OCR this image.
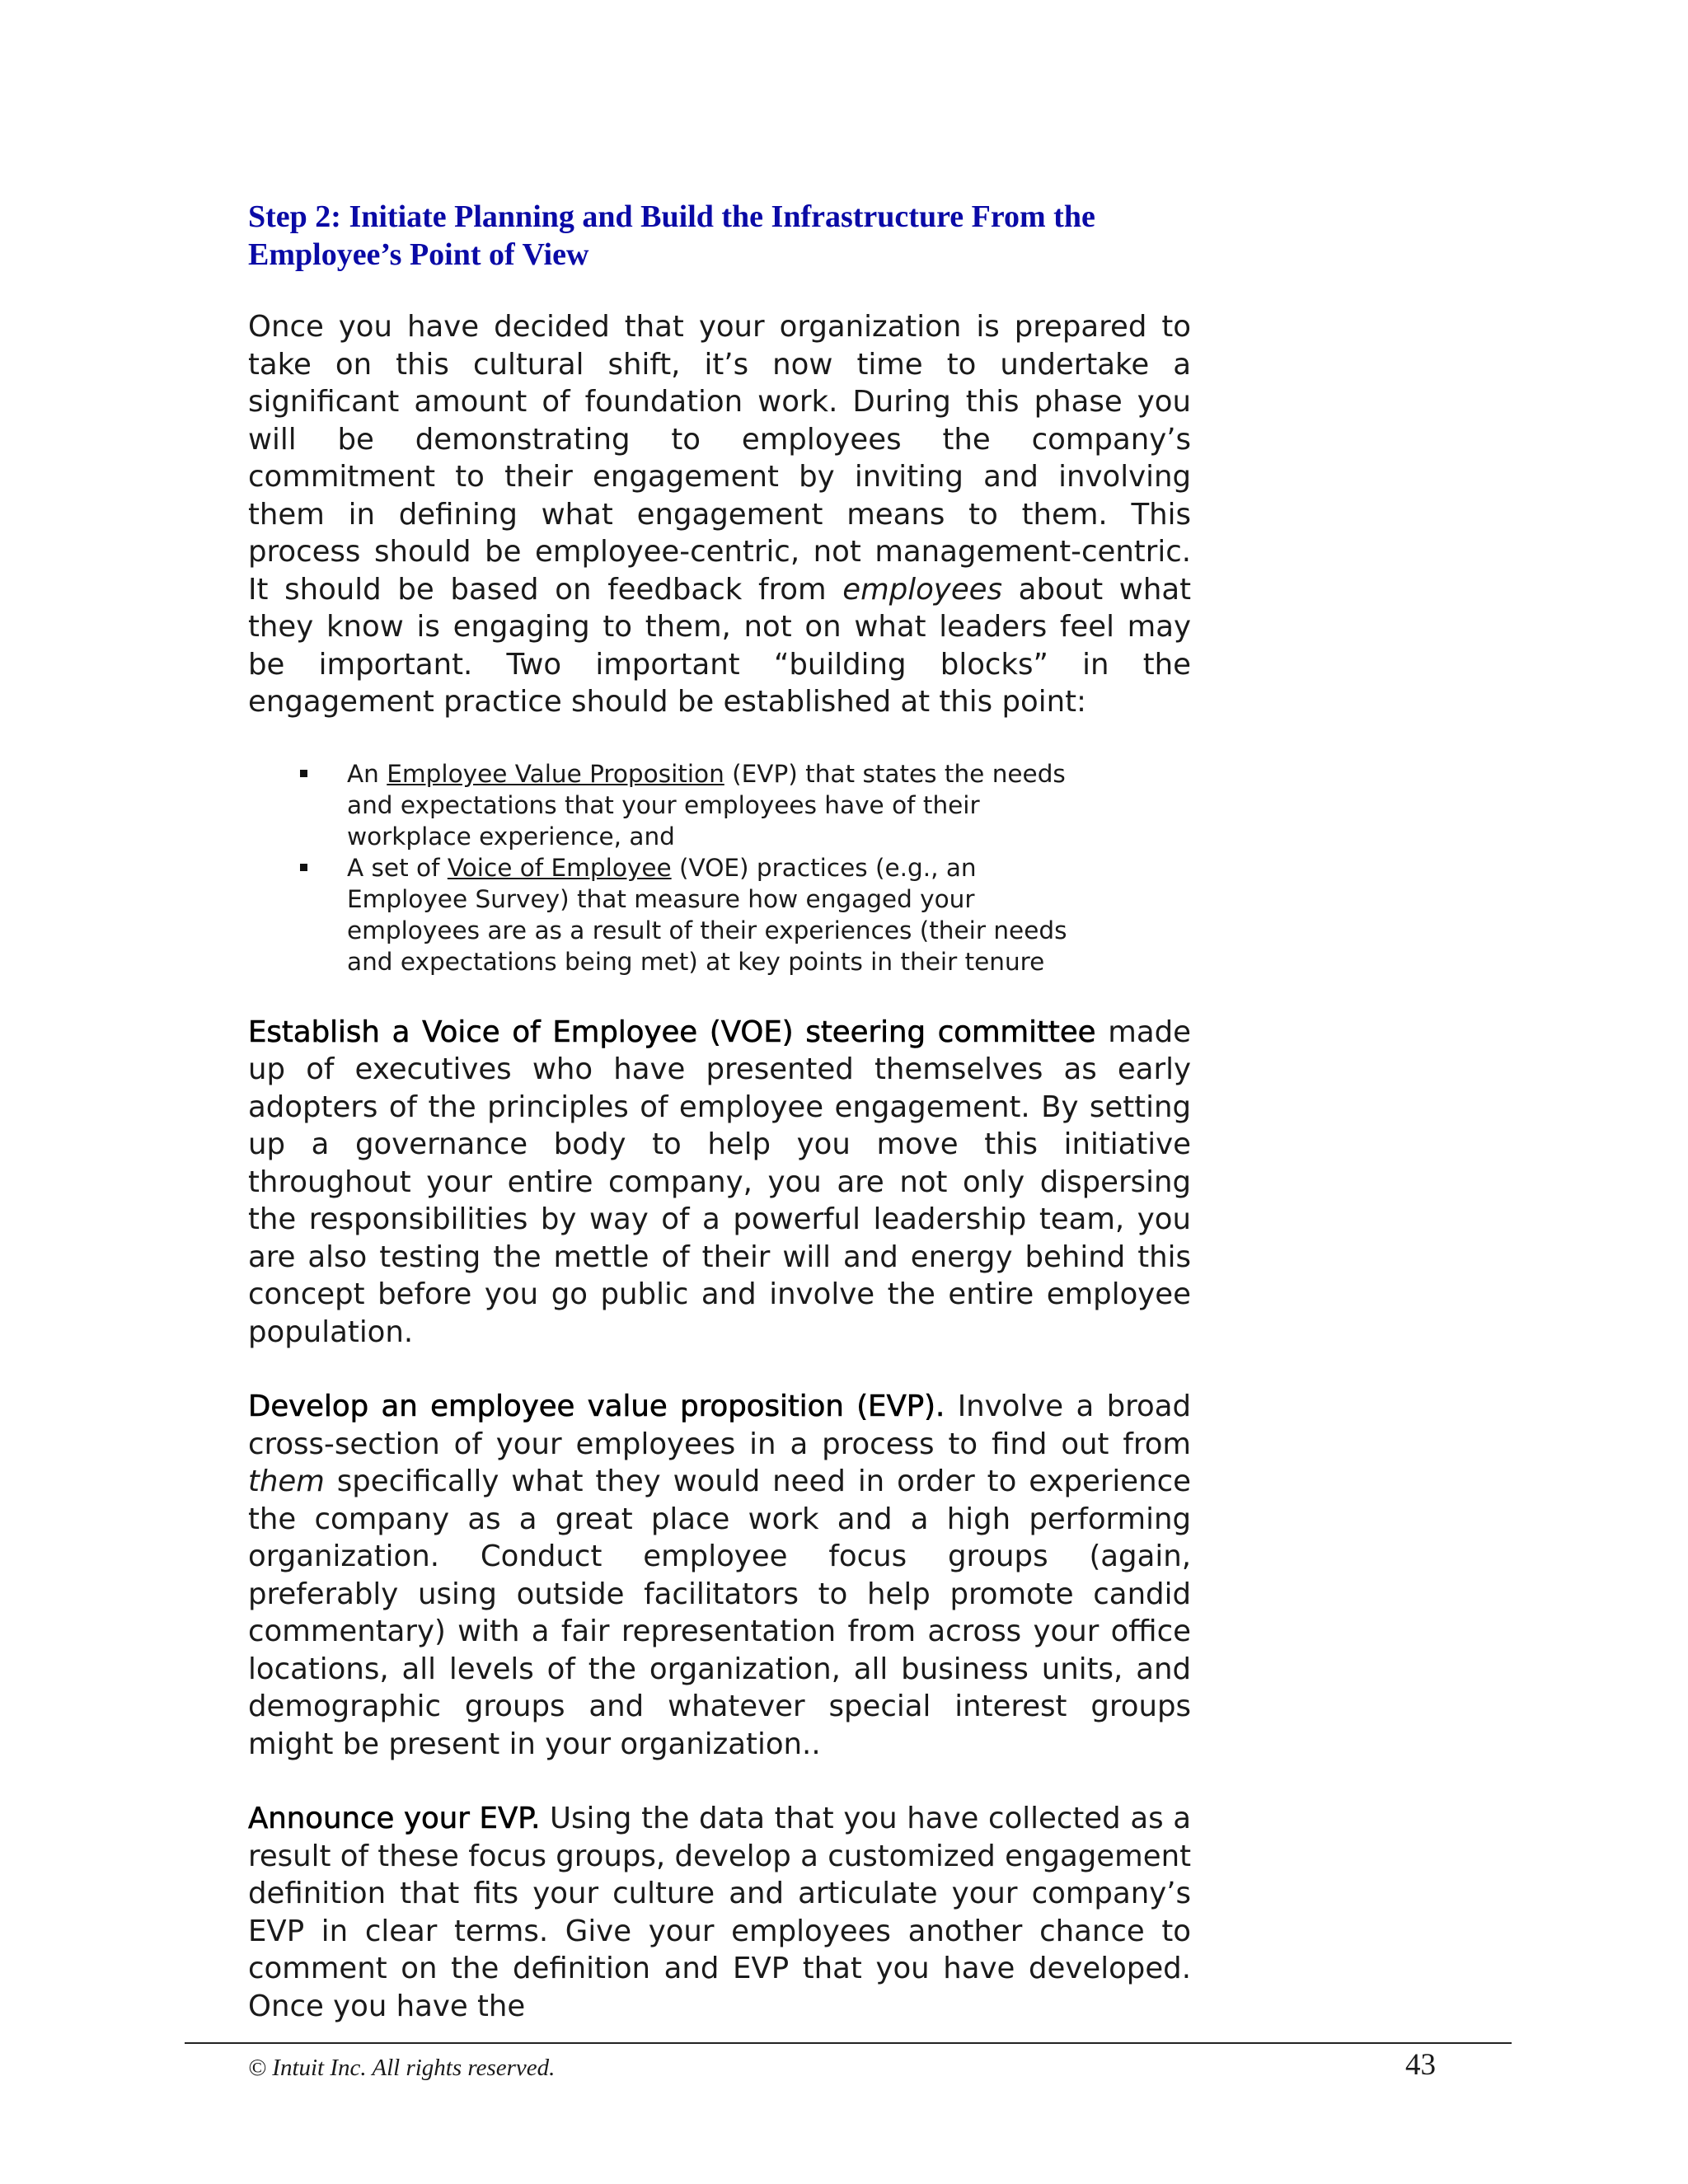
Step 2: Initiate Planning and Build the Infrastructure From the Employee’s Point of View

Once you have decided that your organization is prepared to take on this cultural shift, it’s now time to undertake a significant amount of foundation work. During this phase you will be demonstrating to employees the company’s commitment to their engagement by inviting and involving them in defining what engagement means to them. This process should be employee-centric, not management-centric. It should be based on feedback from employees about what they know is engaging to them, not on what leaders feel may be important. Two important “building blocks” in the engagement practice should be established at this point:

An Employee Value Proposition (EVP) that states the needs and expectations that your employees have of their workplace experience, and
A set of Voice of Employee (VOE) practices (e.g., an Employee Survey) that measure how engaged your employees are as a result of their experiences (their needs and expectations being met) at key points in their tenure

Establish a Voice of Employee (VOE) steering committee made up of executives who have presented themselves as early adopters of the principles of employee engagement. By setting up a governance body to help you move this initiative throughout your entire company, you are not only dispersing the responsibilities by way of a powerful leadership team, you are also testing the mettle of their will and energy behind this concept before you go public and involve the entire employee population.

Develop an employee value proposition (EVP). Involve a broad cross-section of your employees in a process to find out from them specifically what they would need in order to experience the company as a great place work and a high performing organization. Conduct employee focus groups (again, preferably using outside facilitators to help promote candid commentary) with a fair representation from across your office locations, all levels of the organization, all business units, and demographic groups and whatever special interest groups might be present in your organization..

Announce your EVP. Using the data that you have collected as a result of these focus groups, develop a customized engagement definition that fits your culture and articulate your company’s EVP in clear terms. Give your employees another chance to comment on the definition and EVP that you have developed. Once you have the

© Intuit Inc. All rights reserved.	43
